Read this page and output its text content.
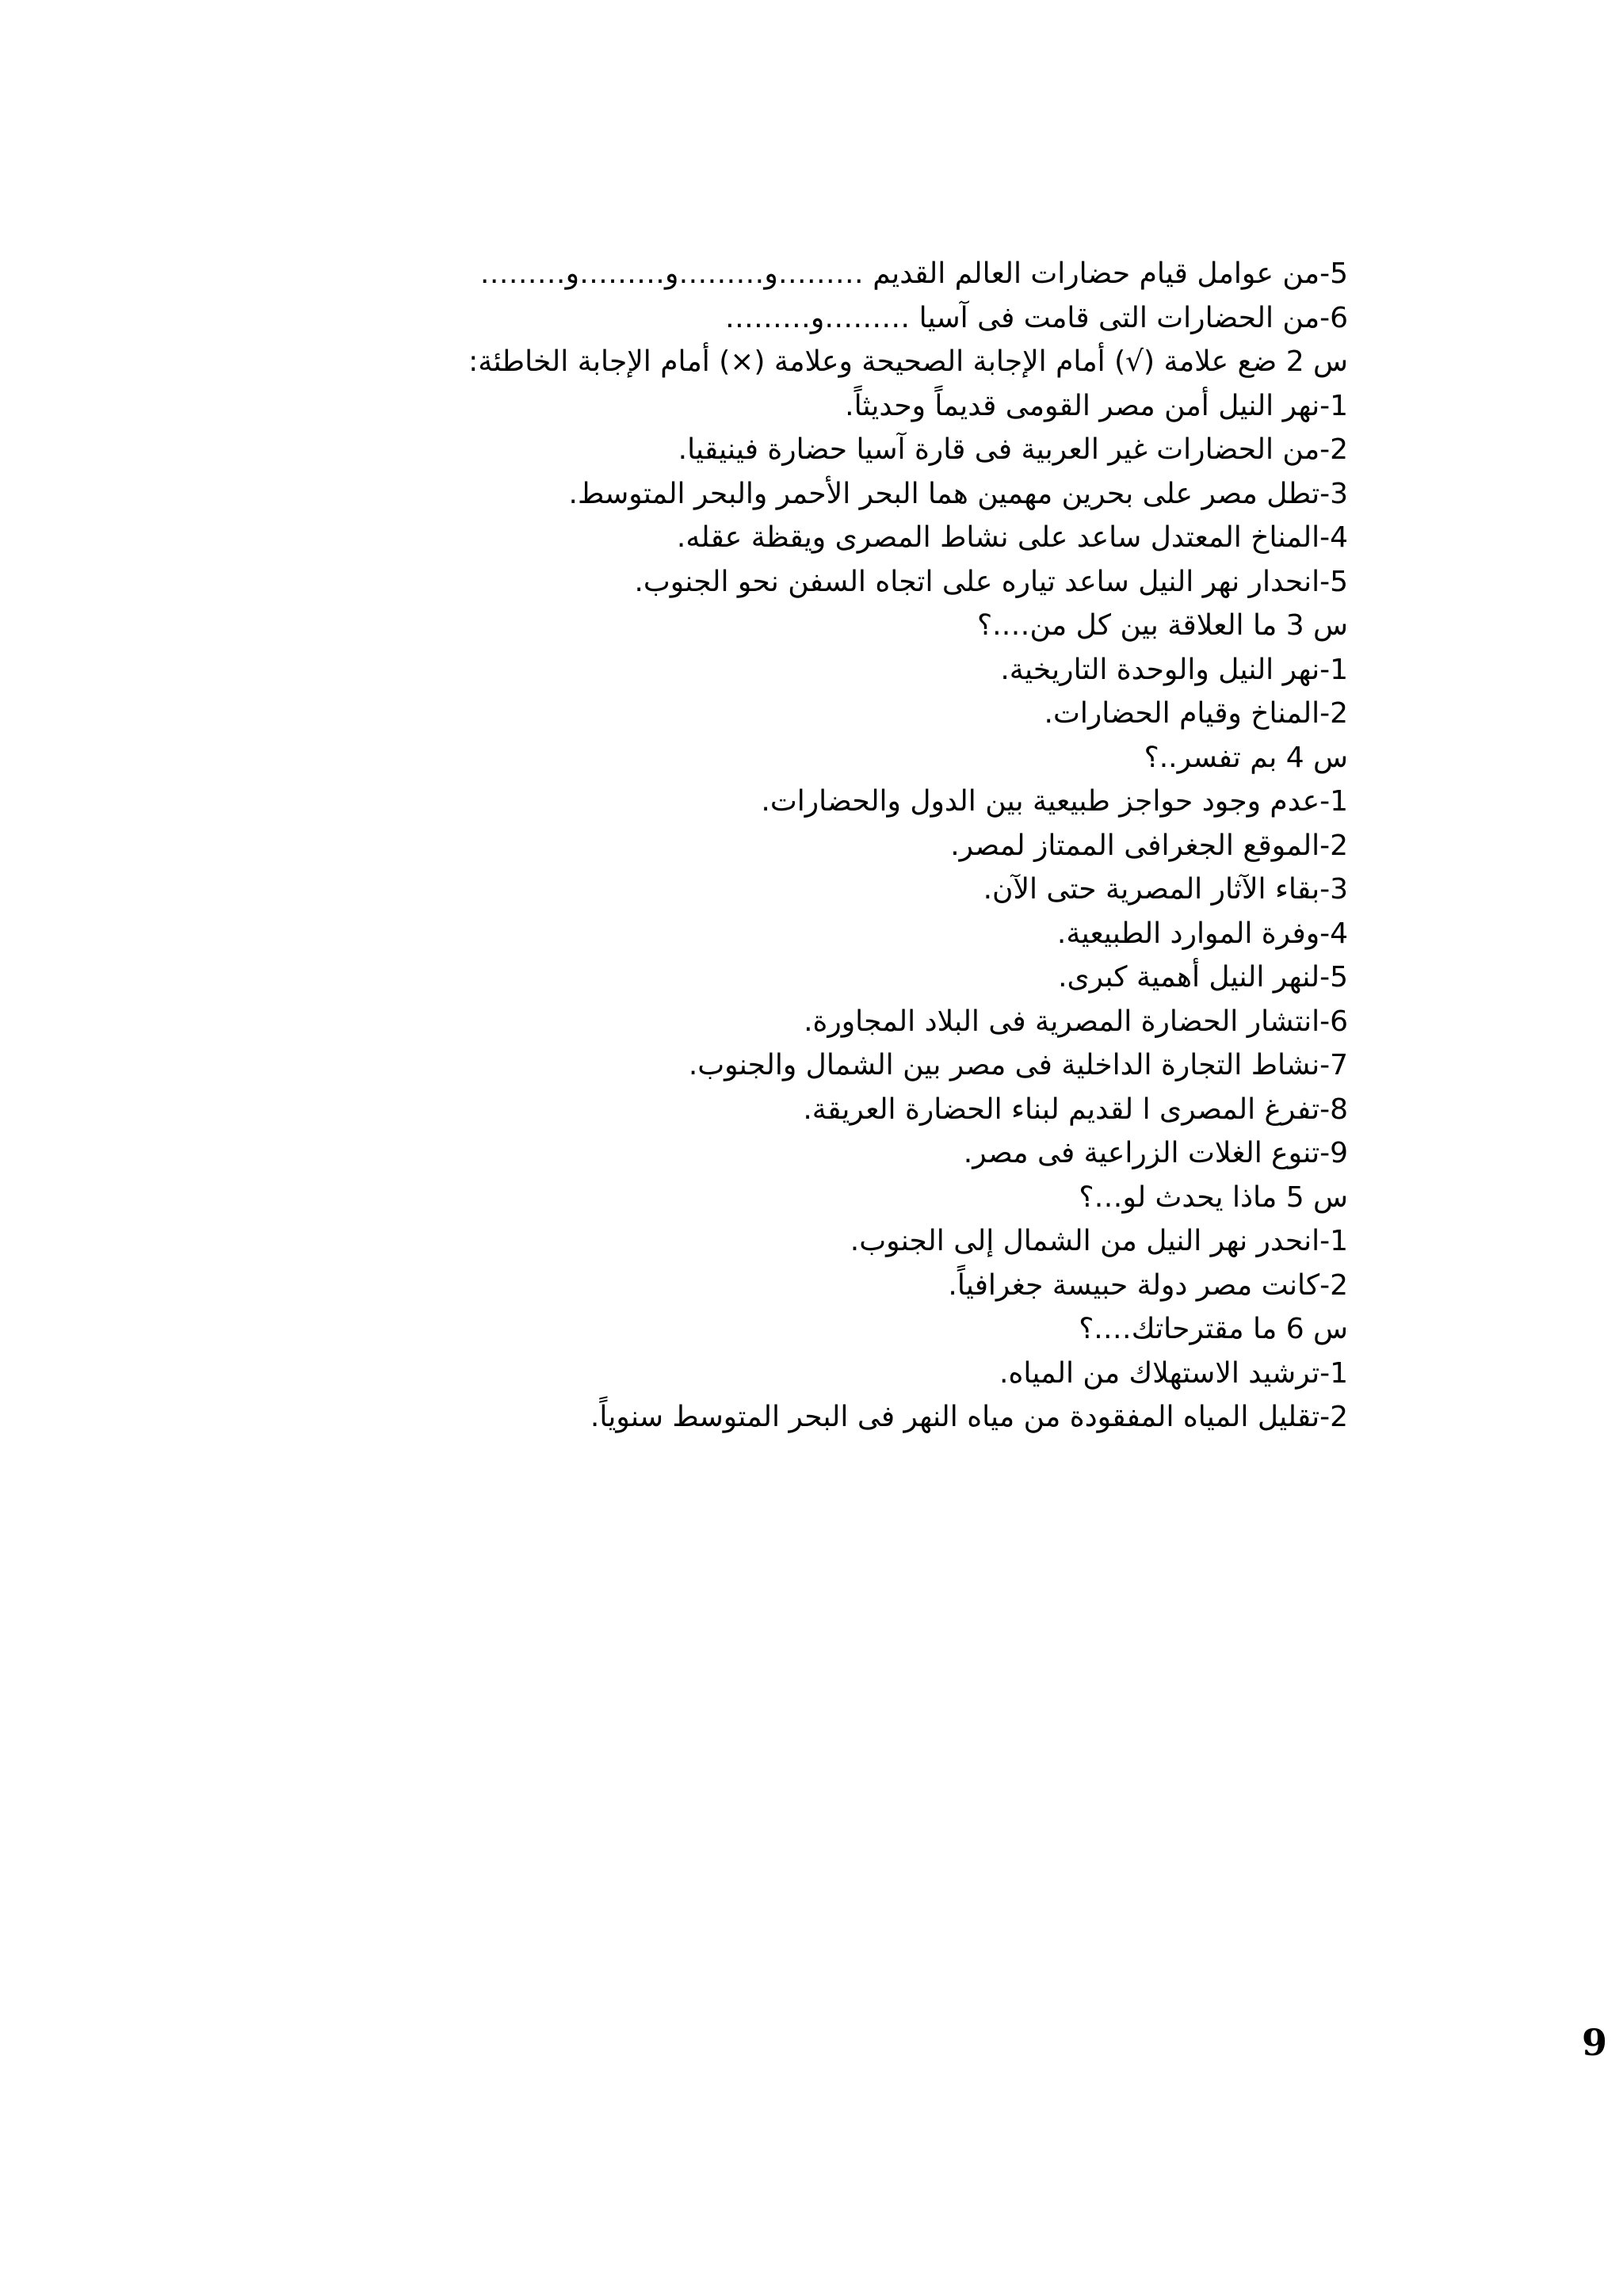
5-من عوامل قيام حضارات العالم القديم ………و………و………و………
6-من الحضارات التى قامت فى آسيا ………و………
س 2 ضع علامة (√) أمام الإجابة الصحيحة وعلامة (×) أمام الإجابة الخاطئة:
1-نهر النيل أمن مصر القومى قديماً وحديثاً.
2-من الحضارات غير العربية فى قارة آسيا حضارة فينيقيا.
3-تطل مصر على بحرين مهمين هما البحر الأحمر والبحر المتوسط.
4-المناخ المعتدل ساعد على نشاط المصرى ويقظة عقله.
5-انحدار نهر النيل ساعد تياره على اتجاه السفن نحو الجنوب.
س 3 ما العلاقة بين كل من….؟
1-نهر النيل والوحدة التاريخية.
2-المناخ وقيام الحضارات.
س 4 بم تفسر..؟
1-عدم وجود حواجز طبيعية بين الدول والحضارات.
2-الموقع الجغرافى الممتاز لمصر.
3-بقاء الآثار المصرية حتى الآن.
4-وفرة الموارد الطبيعية.
5-لنهر النيل أهمية كبرى.
6-انتشار الحضارة المصرية فى البلاد المجاورة.
7-نشاط التجارة الداخلية فى مصر بين الشمال والجنوب.
8-تفرغ المصرى ا لقديم لبناء الحضارة العريقة.
9-تنوع الغلات الزراعية فى مصر.
س 5 ماذا يحدث لو…؟
1-انحدر نهر النيل من الشمال إلى الجنوب.
2-كانت مصر دولة حبيسة جغرافياً.
س 6 ما مقترحاتك….؟
1-ترشيد الاستهلاك من المياه.
2-تقليل المياه المفقودة من مياه النهر فى البحر المتوسط سنوياً.
9
